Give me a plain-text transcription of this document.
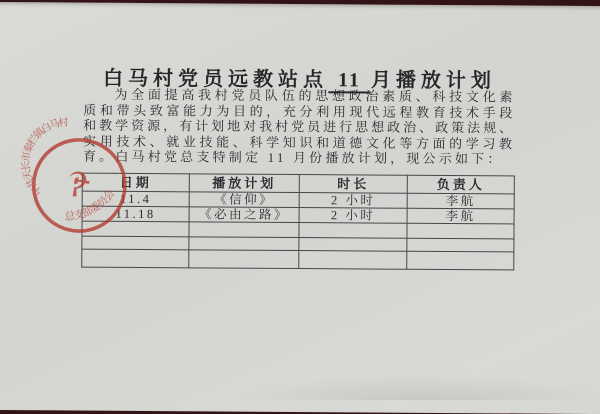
白马村党员远教站点 11 月播放计划
为全面提高我村党员队伍的思想政治素质、科技文化素
质和带头致富能力为目的，充分利用现代远程教育技术手段
和教学资源，有计划地对我村党员进行思想政治、政策法规、
实用技术、就业技能、科学知识和道德文化等方面的学习教
育。白马村党总支特制定 11 月份播放计划，现公示如下：
日期	播放计划	时长	负责人
11.4	《信仰》	2 小时	李航
11.18	《必由之路》	2 小时	李航

中共天长市秦栏镇白马村
总支部委员会
☭
